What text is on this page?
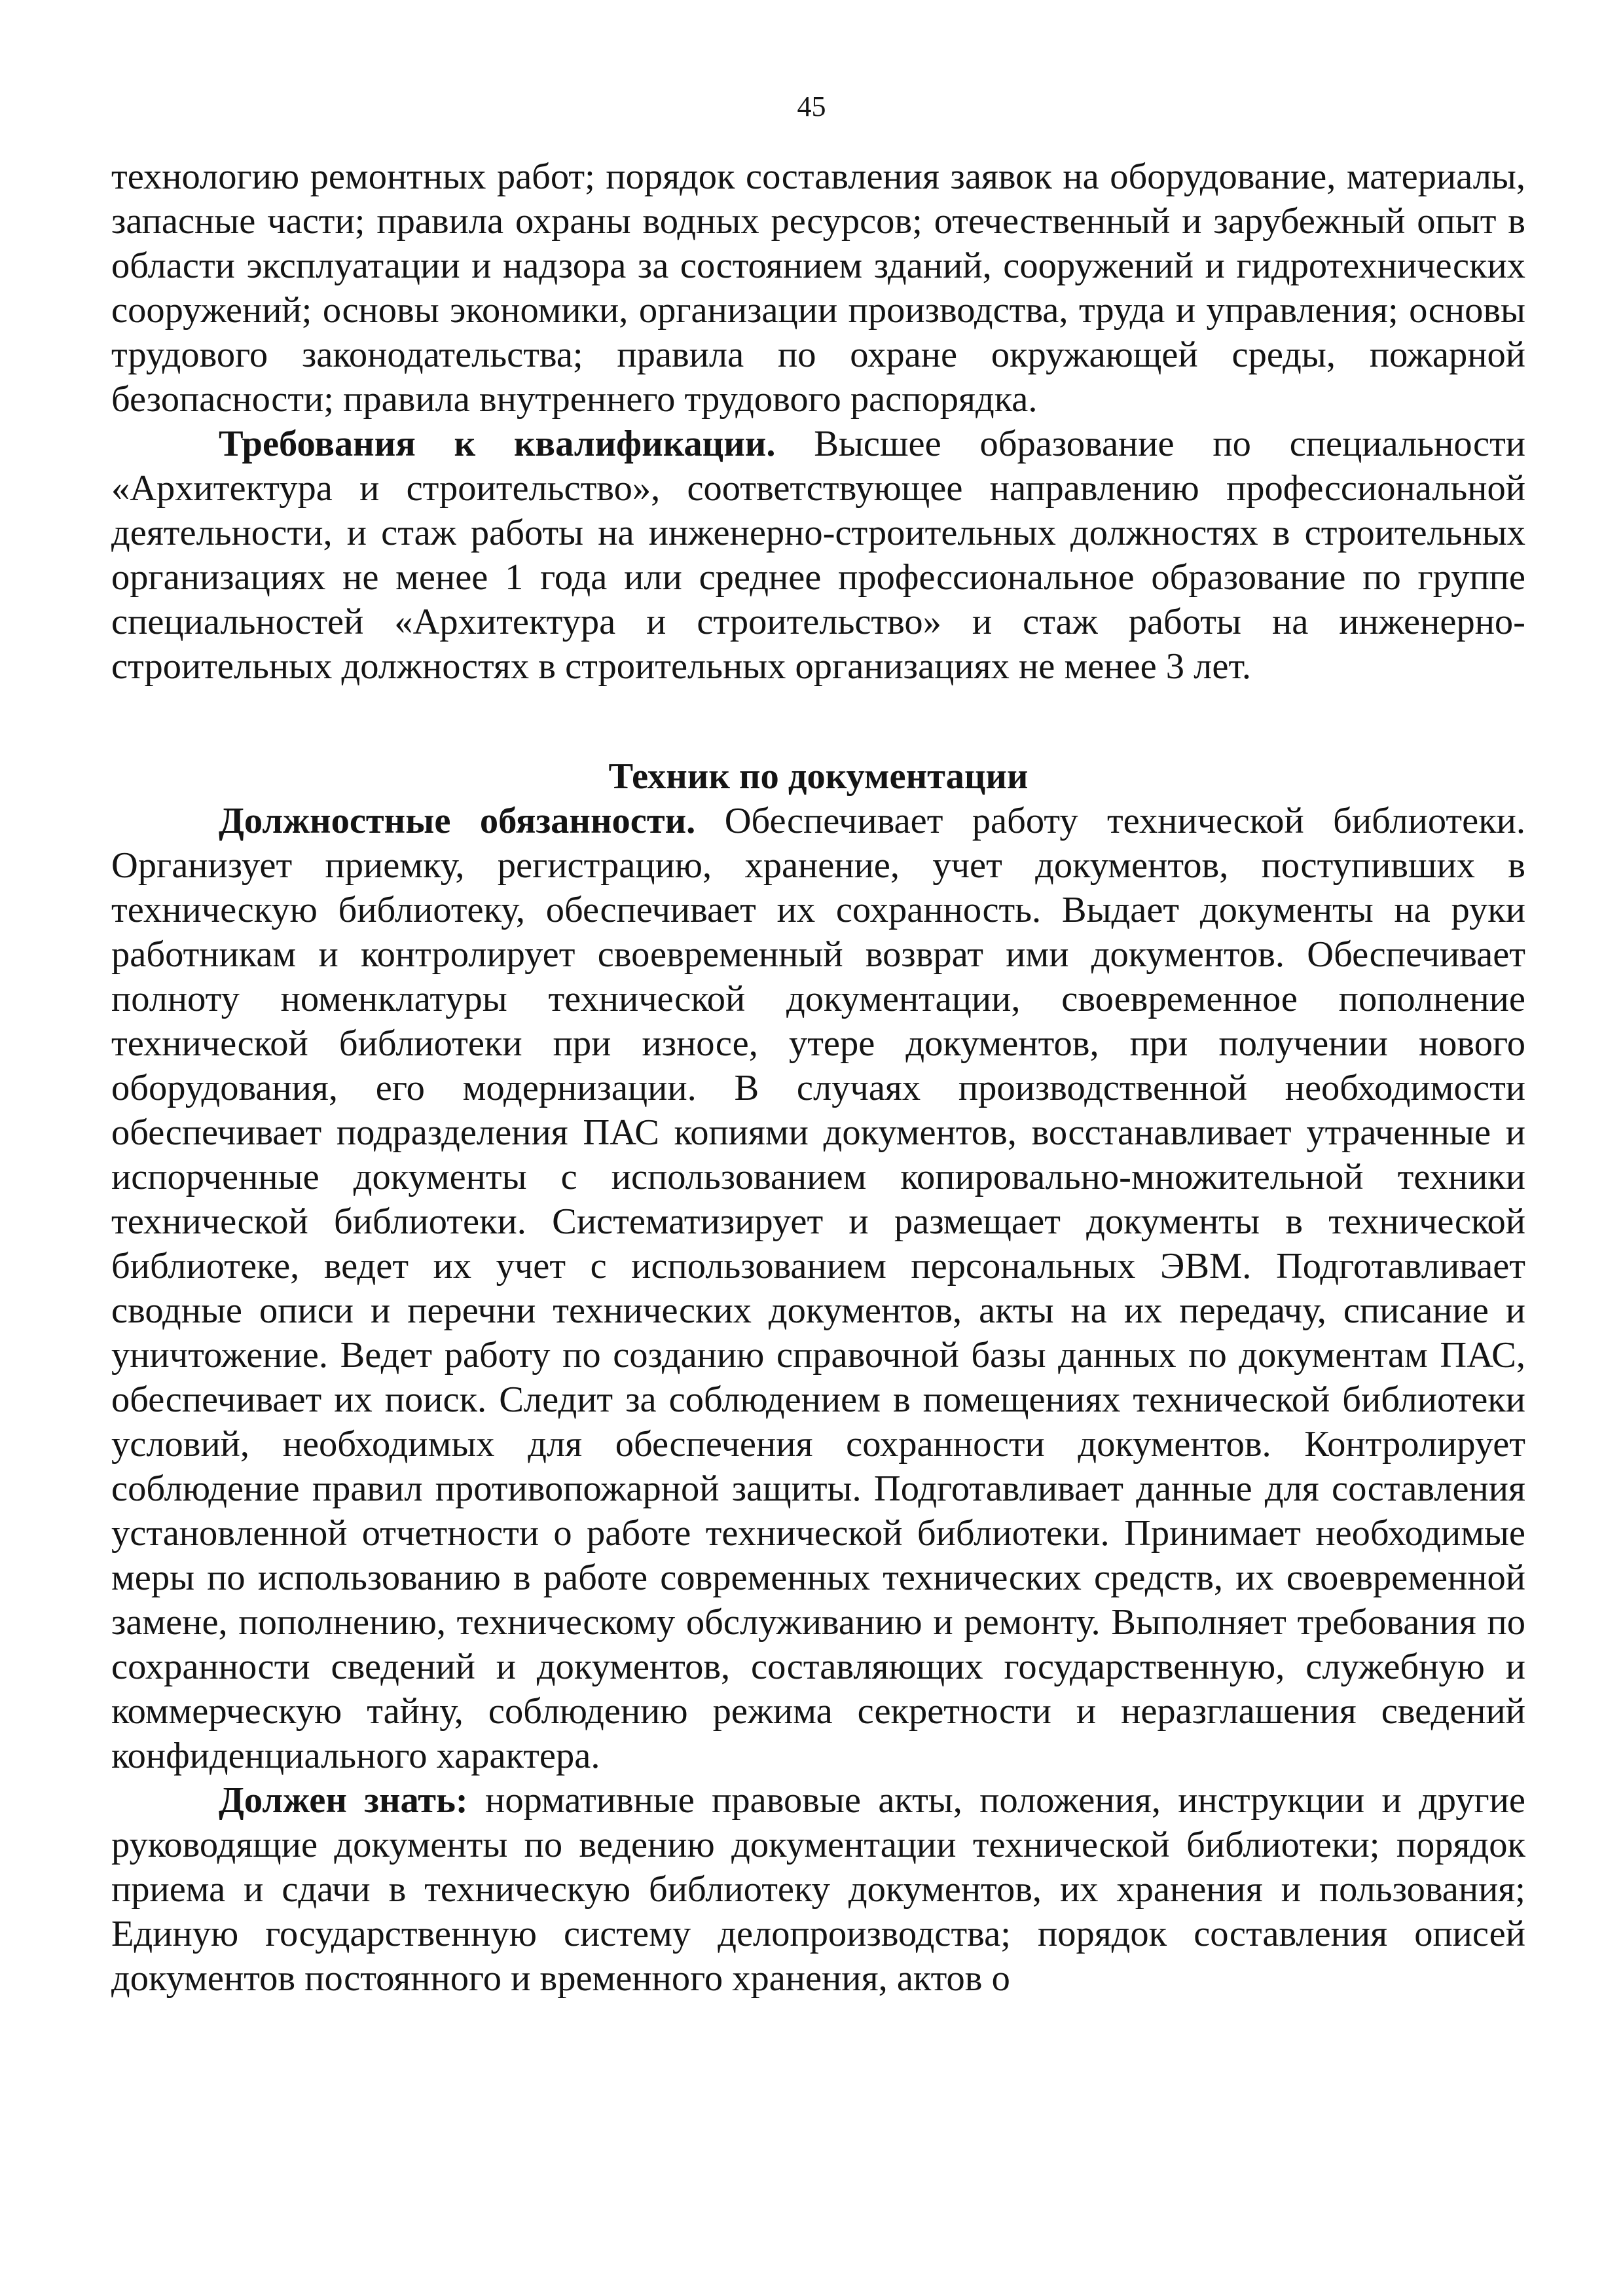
45

технологию ремонтных работ; порядок составления заявок на оборудование, материалы, запасные части; правила охраны водных ресурсов; отечественный и зарубежный опыт в области эксплуатации и надзора за состоянием зданий, сооружений и гидротехнических сооружений; основы экономики, организации производства, труда и управления; основы трудового законодательства; правила по охране окружающей среды, пожарной безопасности; правила внутреннего трудового распорядка.

Требования к квалификации. Высшее образование по специальности «Архитектура и строительство», соответствующее направлению профессиональной деятельности, и стаж работы на инженерно-строительных должностях в строительных организациях не менее 1 года или среднее профессиональное образование по группе специальностей «Архитектура и строительство» и стаж работы на инженерно-строительных должностях в строительных организациях не менее 3 лет.

Техник по документации

Должностные обязанности. Обеспечивает работу технической библиотеки. Организует приемку, регистрацию, хранение, учет документов, поступивших в техническую библиотеку, обеспечивает их сохранность. Выдает документы на руки работникам и контролирует своевременный возврат ими документов. Обеспечивает полноту номенклатуры технической документации, своевременное пополнение технической библиотеки при износе, утере документов, при получении нового оборудования, его модернизации. В случаях производственной необходимости обеспечивает подразделения ПАС копиями документов, восстанавливает утраченные и испорченные документы с использованием копировально-множительной техники технической библиотеки. Систематизирует и размещает документы в технической библиотеке, ведет их учет с использованием персональных ЭВМ. Подготавливает сводные описи и перечни технических документов, акты на их передачу, списание и уничтожение. Ведет работу по созданию справочной базы данных по документам ПАС, обеспечивает их поиск. Следит за соблюдением в помещениях технической библиотеки условий, необходимых для обеспечения сохранности документов. Контролирует соблюдение правил противопожарной защиты. Подготавливает данные для составления установленной отчетности о работе технической библиотеки. Принимает необходимые меры по использованию в работе современных технических средств, их своевременной замене, пополнению, техническому обслуживанию и ремонту. Выполняет требования по сохранности сведений и документов, составляющих государственную, служебную и коммерческую тайну, соблюдению режима секретности и неразглашения сведений конфиденциального характера.

Должен знать: нормативные правовые акты, положения, инструкции и другие руководящие документы по ведению документации технической библиотеки; порядок приема и сдачи в техническую библиотеку документов, их хранения и пользования; Единую государственную систему делопроизводства; порядок составления описей документов постоянного и временного хранения, актов о
